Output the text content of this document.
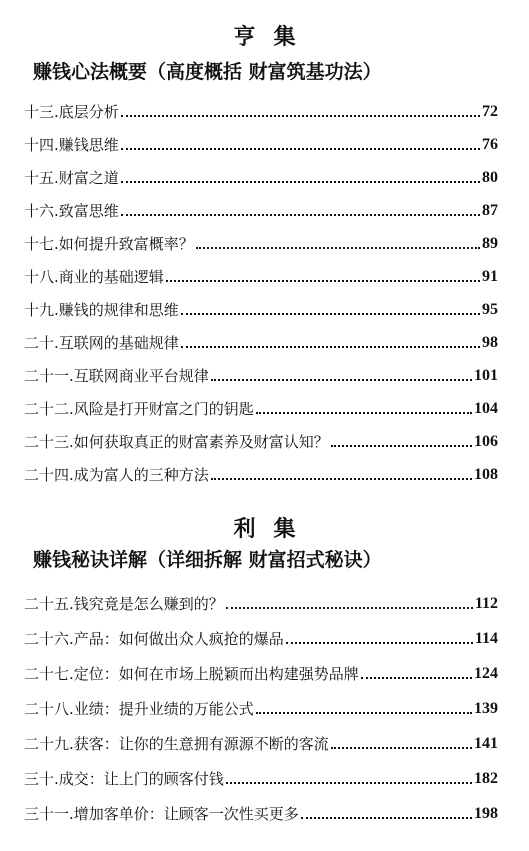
亨集
赚钱心法概要（高度概括 财富筑基功法）
十三.底层分析	72
十四.赚钱思维	76
十五.财富之道	80
十六.致富思维	87
十七.如何提升致富概率？	89
十八.商业的基础逻辑	91
十九.赚钱的规律和思维	95
二十.互联网的基础规律	98
二十一.互联网商业平台规律	101
二十二.风险是打开财富之门的钥匙	104
二十三.如何获取真正的财富素养及财富认知？	106
二十四.成为富人的三种方法	108
利集
赚钱秘诀详解（详细拆解 财富招式秘诀）
二十五.钱究竟是怎么赚到的？	112
二十六.产品：如何做出众人疯抢的爆品	114
二十七.定位：如何在市场上脱颖而出构建强势品牌	124
二十八.业绩：提升业绩的万能公式	139
二十九.获客：让你的生意拥有源源不断的客流	141
三十.成交：让上门的顾客付钱	182
三十一.增加客单价：让顾客一次性买更多	198
